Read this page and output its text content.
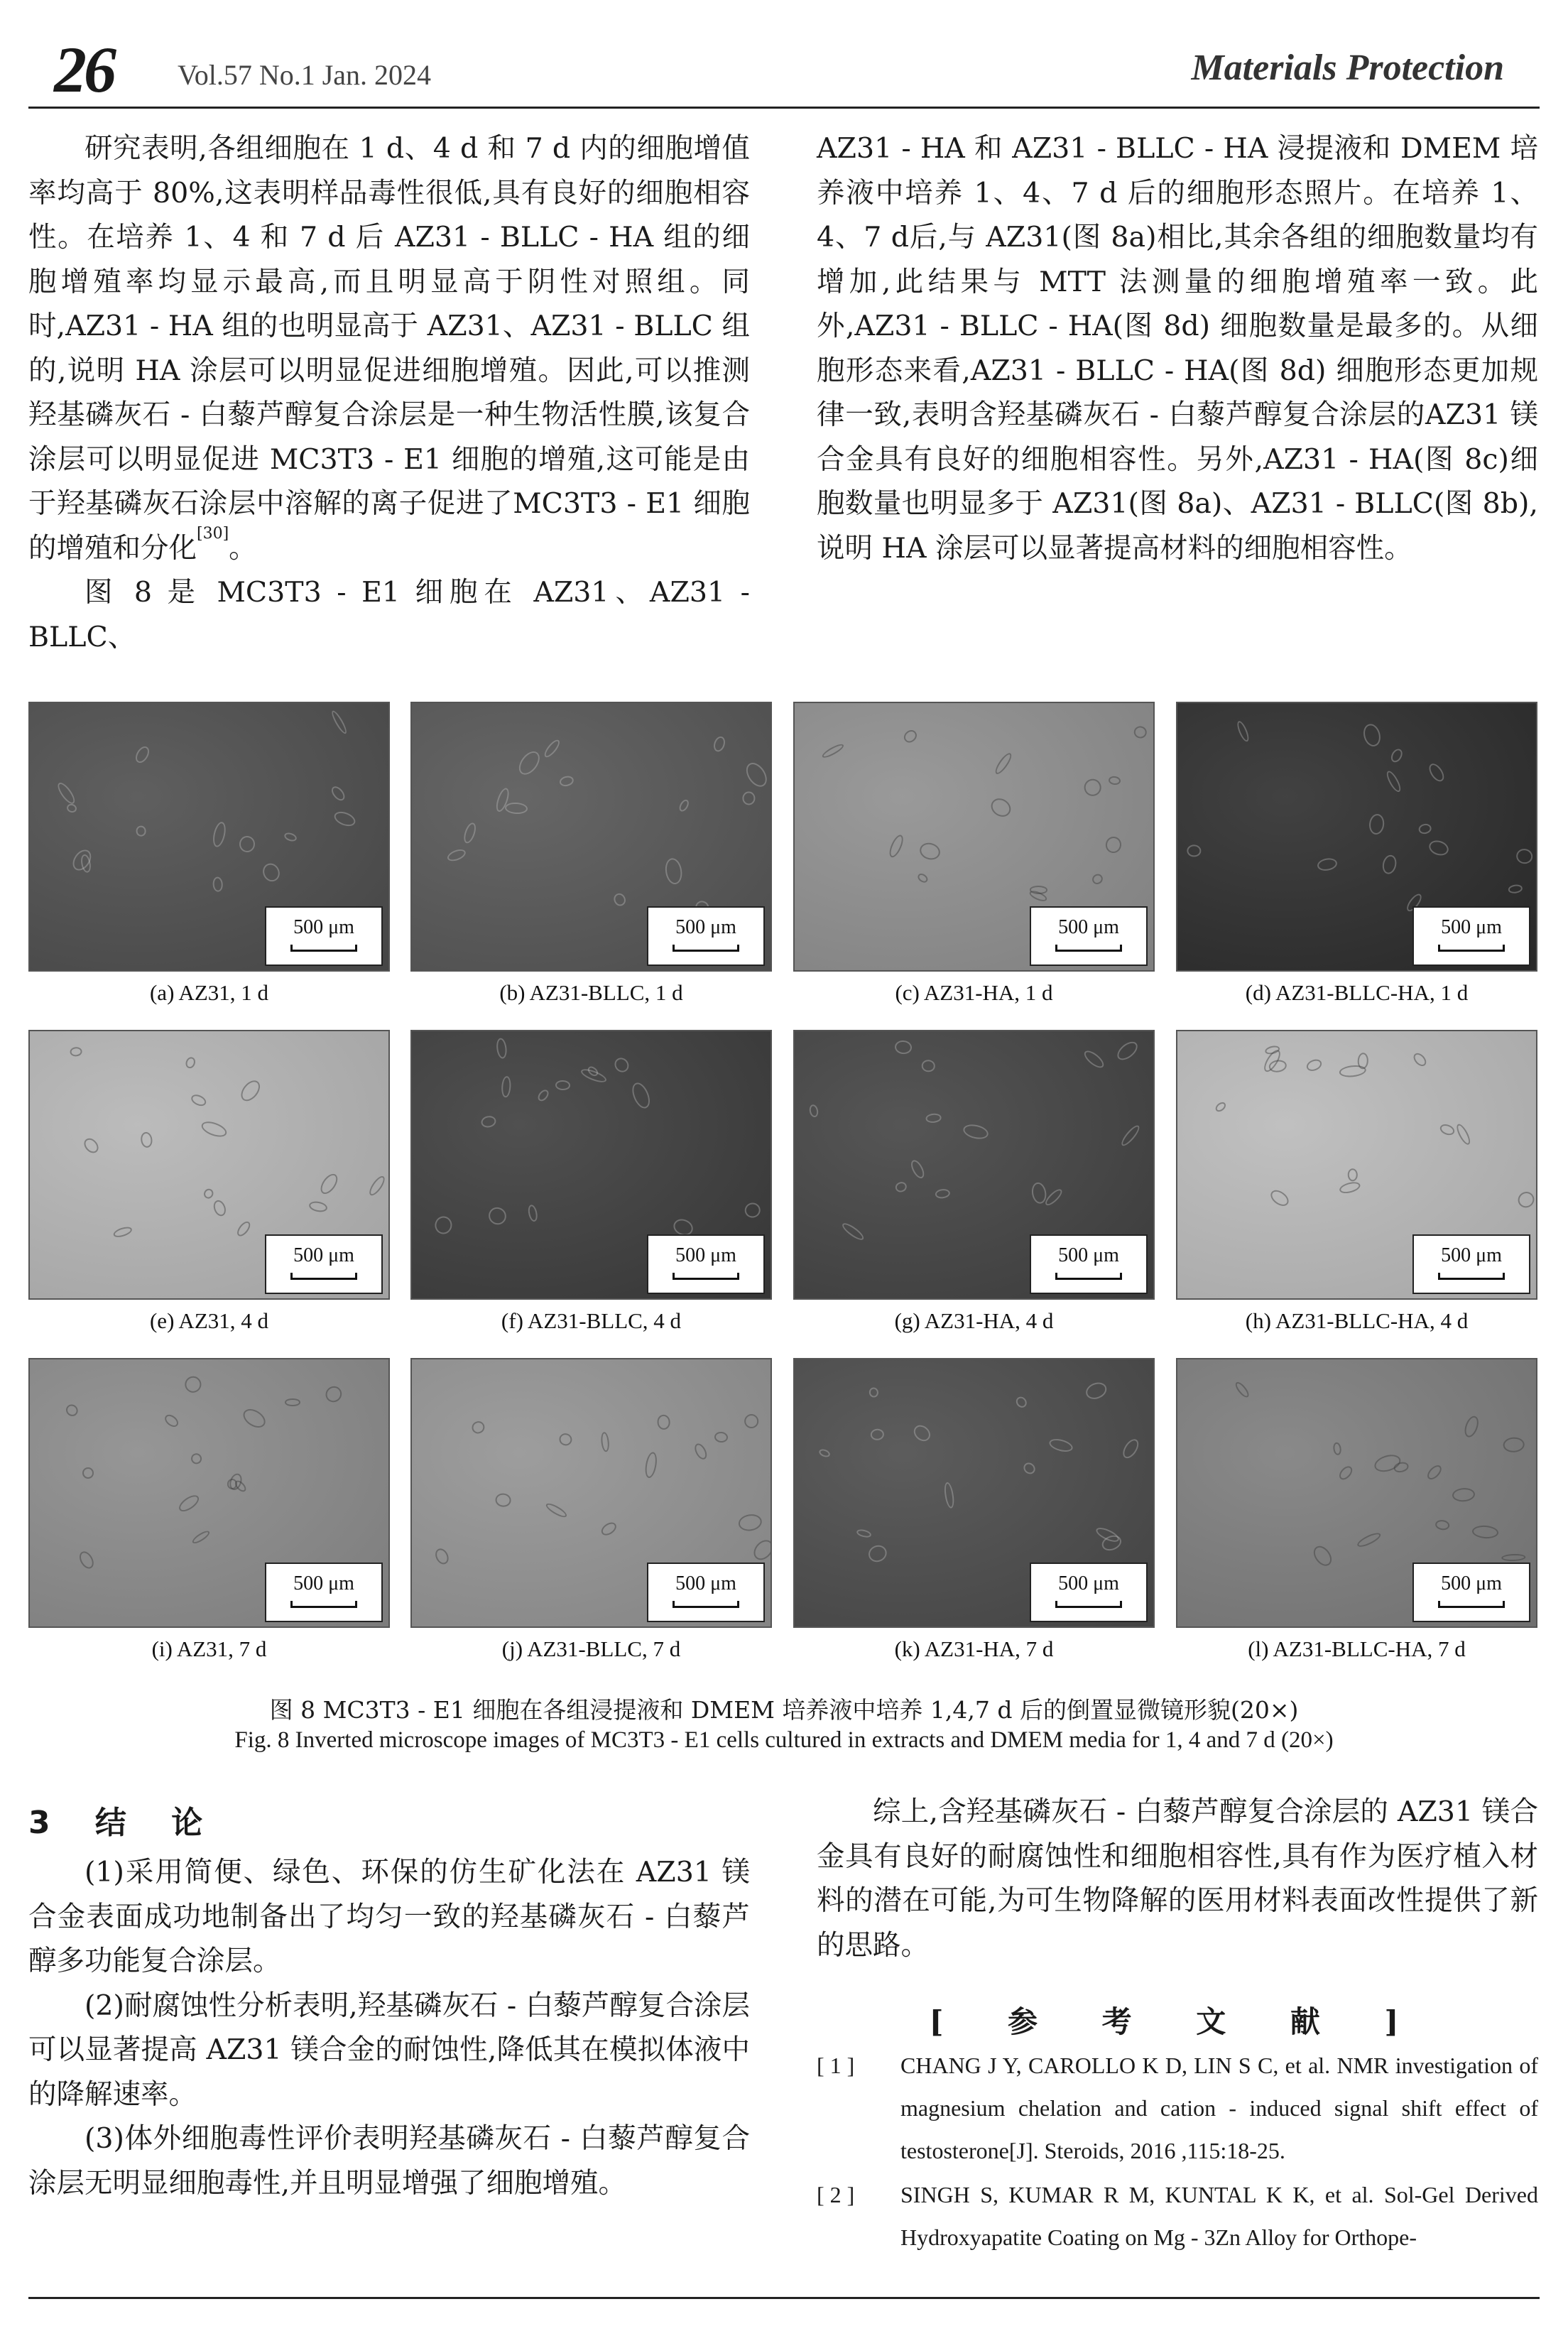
26 Vol.57 No.1 Jan. 2024	Materials Protection

研究表明,各组细胞在 1 d、4 d 和 7 d 内的细胞增值率均高于 80%,这表明样品毒性很低,具有良好的细胞相容性。在培养 1、4 和 7 d 后 AZ31 - BLLC - HA 组的细胞增殖率均显示最高,而且明显高于阴性对照组。同时,AZ31 - HA 组的也明显高于 AZ31、AZ31 - BLLC 组的,说明 HA 涂层可以明显促进细胞增殖。因此,可以推测羟基磷灰石 - 白藜芦醇复合涂层是一种生物活性膜,该复合涂层可以明显促进 MC3T3 - E1 细胞的增殖,这可能是由于羟基磷灰石涂层中溶解的离子促进了MC3T3 - E1 细胞的增殖和分化[30]。

图 8 是 MC3T3 - E1 细胞在 AZ31、AZ31 - BLLC、

AZ31 - HA 和 AZ31 - BLLC - HA 浸提液和 DMEM 培养液中培养 1、4、7 d 后的细胞形态照片。在培养 1、4、7 d后,与 AZ31(图 8a)相比,其余各组的细胞数量均有增加,此结果与 MTT 法测量的细胞增殖率一致。此外,AZ31 - BLLC - HA(图 8d) 细胞数量是最多的。从细胞形态来看,AZ31 - BLLC - HA(图 8d) 细胞形态更加规律一致,表明含羟基磷灰石 - 白藜芦醇复合涂层的AZ31 镁合金具有良好的细胞相容性。另外,AZ31 - HA(图 8c)细胞数量也明显多于 AZ31(图 8a)、AZ31 - BLLC(图 8b),说明 HA 涂层可以显著提高材料的细胞相容性。

500 μm
(a) AZ31, 1 d
500 μm
(b) AZ31-BLLC, 1 d
500 μm
(c) AZ31-HA, 1 d
500 μm
(d) AZ31-BLLC-HA, 1 d
500 μm
(e) AZ31, 4 d
500 μm
(f) AZ31-BLLC, 4 d
500 μm
(g) AZ31-HA, 4 d
500 μm
(h) AZ31-BLLC-HA, 4 d
500 μm
(i) AZ31, 7 d
500 μm
(j) AZ31-BLLC, 7 d
500 μm
(k) AZ31-HA, 7 d
500 μm
(l) AZ31-BLLC-HA, 7 d
图 8 MC3T3 - E1 细胞在各组浸提液和 DMEM 培养液中培养 1,4,7 d 后的倒置显微镜形貌(20×)
Fig. 8 Inverted microscope images of MC3T3 - E1 cells cultured in extracts and DMEM media for 1, 4 and 7 d (20×)
3 结 论

(1)采用简便、绿色、环保的仿生矿化法在 AZ31 镁合金表面成功地制备出了均匀一致的羟基磷灰石 - 白藜芦醇多功能复合涂层。

(2)耐腐蚀性分析表明,羟基磷灰石 - 白藜芦醇复合涂层可以显著提高 AZ31 镁合金的耐蚀性,降低其在模拟体液中的降解速率。

(3)体外细胞毒性评价表明羟基磷灰石 - 白藜芦醇复合涂层无明显细胞毒性,并且明显增强了细胞增殖。

综上,含羟基磷灰石 - 白藜芦醇复合涂层的 AZ31 镁合金具有良好的耐腐蚀性和细胞相容性,具有作为医疗植入材料的潜在可能,为可生物降解的医用材料表面改性提供了新的思路。

[ 参 考 文 献 ]
[ 1 ] CHANG J Y, CAROLLO K D, LIN S C, et al. NMR investigation of magnesium chelation and cation - induced signal shift effect of testosterone[J]. Steroids, 2016 ,115:18-25.
[ 2 ] SINGH S, KUMAR R M, KUNTAL K K, et al. Sol-Gel Derived Hydroxyapatite Coating on Mg - 3Zn Alloy for Orthope-
